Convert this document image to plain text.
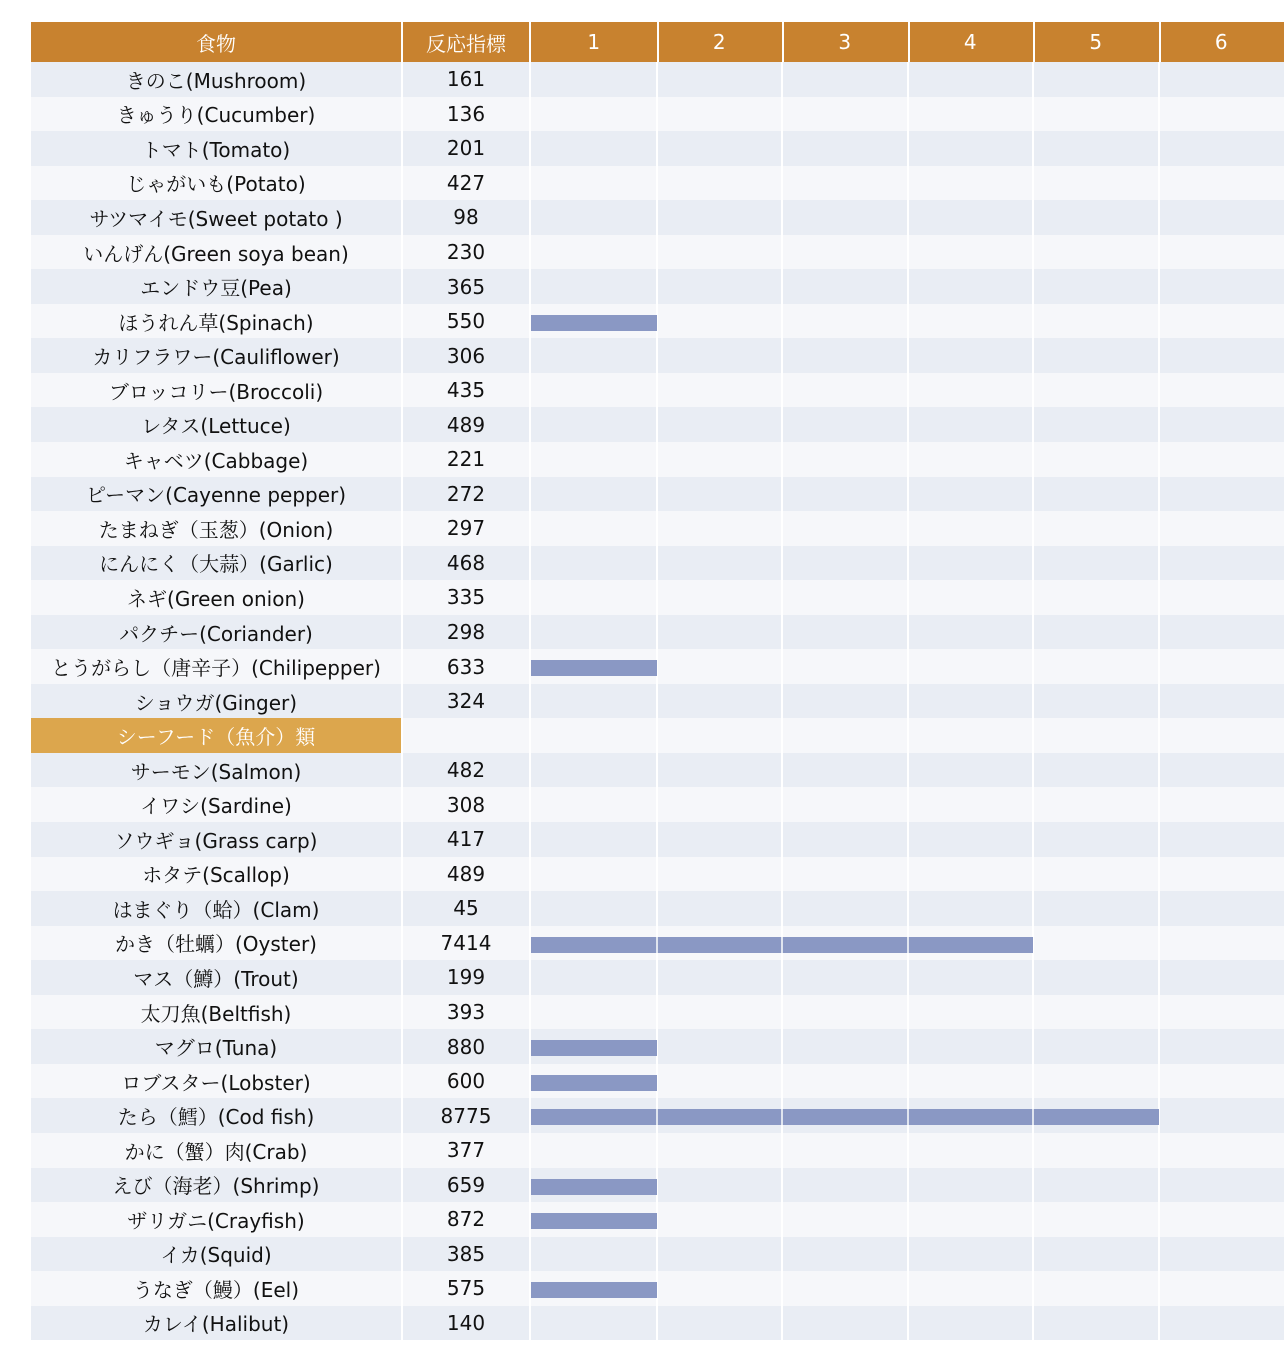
食物	反応指標	1	2	3	4	5	6
きのこ(Mushroom)	161
きゅうり(Cucumber)	136
トマト(Tomato)	201
じゃがいも(Potato)	427
サツマイモ(Sweet potato )	98
いんげん(Green soya bean)	230
エンドウ豆(Pea)	365
ほうれん草(Spinach)	550
カリフラワー(Cauliflower)	306
ブロッコリー(Broccoli)	435
レタス(Lettuce)	489
キャベツ(Cabbage)	221
ピーマン(Cayenne pepper)	272
たまねぎ（玉葱）(Onion)	297
にんにく（大蒜）(Garlic)	468
ネギ(Green onion)	335
パクチー(Coriander)	298
とうがらし（唐辛子）(Chilipepper)	633
ショウガ(Ginger)	324
シーフード（魚介）類
サーモン(Salmon)	482
イワシ(Sardine)	308
ソウギョ(Grass carp)	417
ホタテ(Scallop)	489
はまぐり（蛤）(Clam)	45
かき（牡蠣）(Oyster)	7414
マス（鱒）(Trout)	199
太刀魚(Beltfish)	393
マグロ(Tuna)	880
ロブスター(Lobster)	600
たら（鱈）(Cod fish)	8775
かに（蟹）肉(Crab)	377
えび（海老）(Shrimp)	659
ザリガニ(Crayfish)	872
イカ(Squid)	385
うなぎ（鰻）(Eel)	575
カレイ(Halibut)	140
